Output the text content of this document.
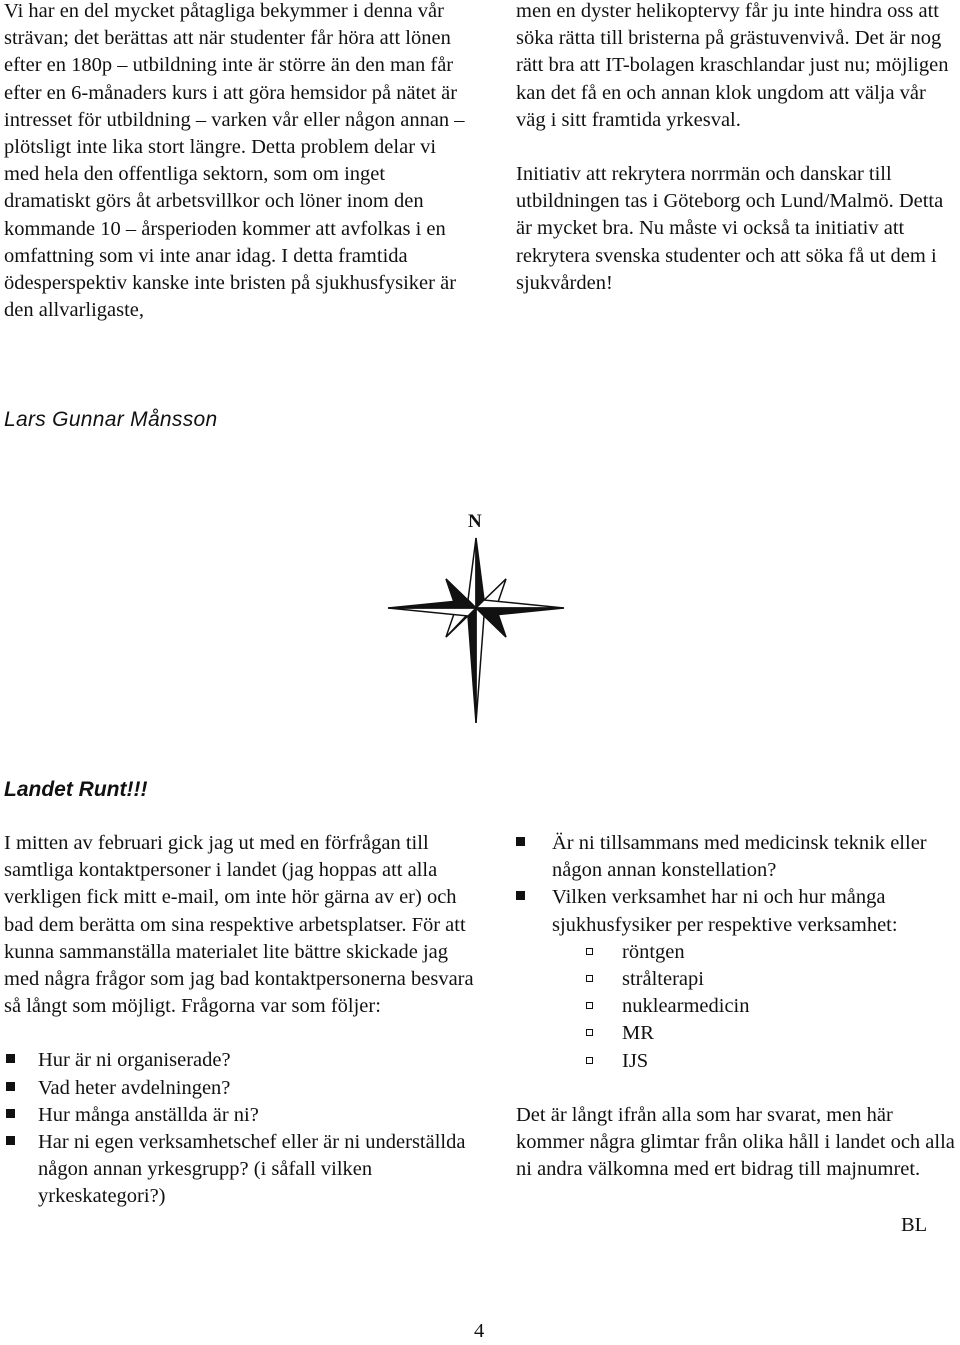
Vi har en del mycket påtagliga bekymmer i denna vår strävan; det berättas att när studenter får höra att lönen efter en 180p – utbildning inte är större än den man får efter en 6-månaders kurs i att göra hemsidor på nätet är intresset för utbildning – varken vår eller någon annan – plötsligt inte lika stort längre. Detta problem delar vi med hela den offentliga sektorn, som om inget dramatiskt görs åt arbetsvillkor och löner inom den kommande 10 – årsperioden kommer att avfolkas i en omfattning som vi inte anar idag. I detta framtida ödesperspektiv kanske inte bristen på sjukhusfysiker är den allvarligaste,

men en dyster helikoptervy får ju inte hindra oss att söka rätta till bristerna på grästuvenvivå. Det är nog rätt bra att IT-bolagen kraschlandar just nu; möjligen kan det få en och annan klok ungdom att välja vår väg i sitt framtida yrkesval.

Initiativ att rekrytera norrmän och danskar till utbildningen tas i Göteborg och Lund/Malmö. Detta är mycket bra. Nu måste vi också ta initiativ att rekrytera svenska studenter och att söka få ut dem i sjukvården!

Lars Gunnar Månsson
N
Landet Runt!!!

I mitten av februari gick jag ut med en förfrågan till samtliga kontaktpersoner i landet (jag hoppas att alla verkligen fick mitt e-mail, om inte hör gärna av er) och bad dem berätta om sina respektive arbetsplatser. För att kunna sammanställa materialet lite bättre skickade jag med några frågor som jag bad kontaktpersonerna besvara så långt som möjligt. Frågorna var som följer:

Hur är ni organiserade?
Vad heter avdelningen?
Hur många anställda är ni?
Har ni egen verksamhetschef eller är ni underställda någon annan yrkesgrupp? (i såfall vilken yrkeskategori?)
Är ni tillsammans med medicinsk teknik eller någon annan konstellation?
Vilken verksamhet har ni och hur många sjukhusfysiker per respektive verksamhet:
röntgen
strålterapi
nuklearmedicin
MR
IJS

Det är långt ifrån alla som har svarat, men här kommer några glimtar från olika håll i landet och alla ni andra välkomna med ert bidrag till majnumret.

BL
4
